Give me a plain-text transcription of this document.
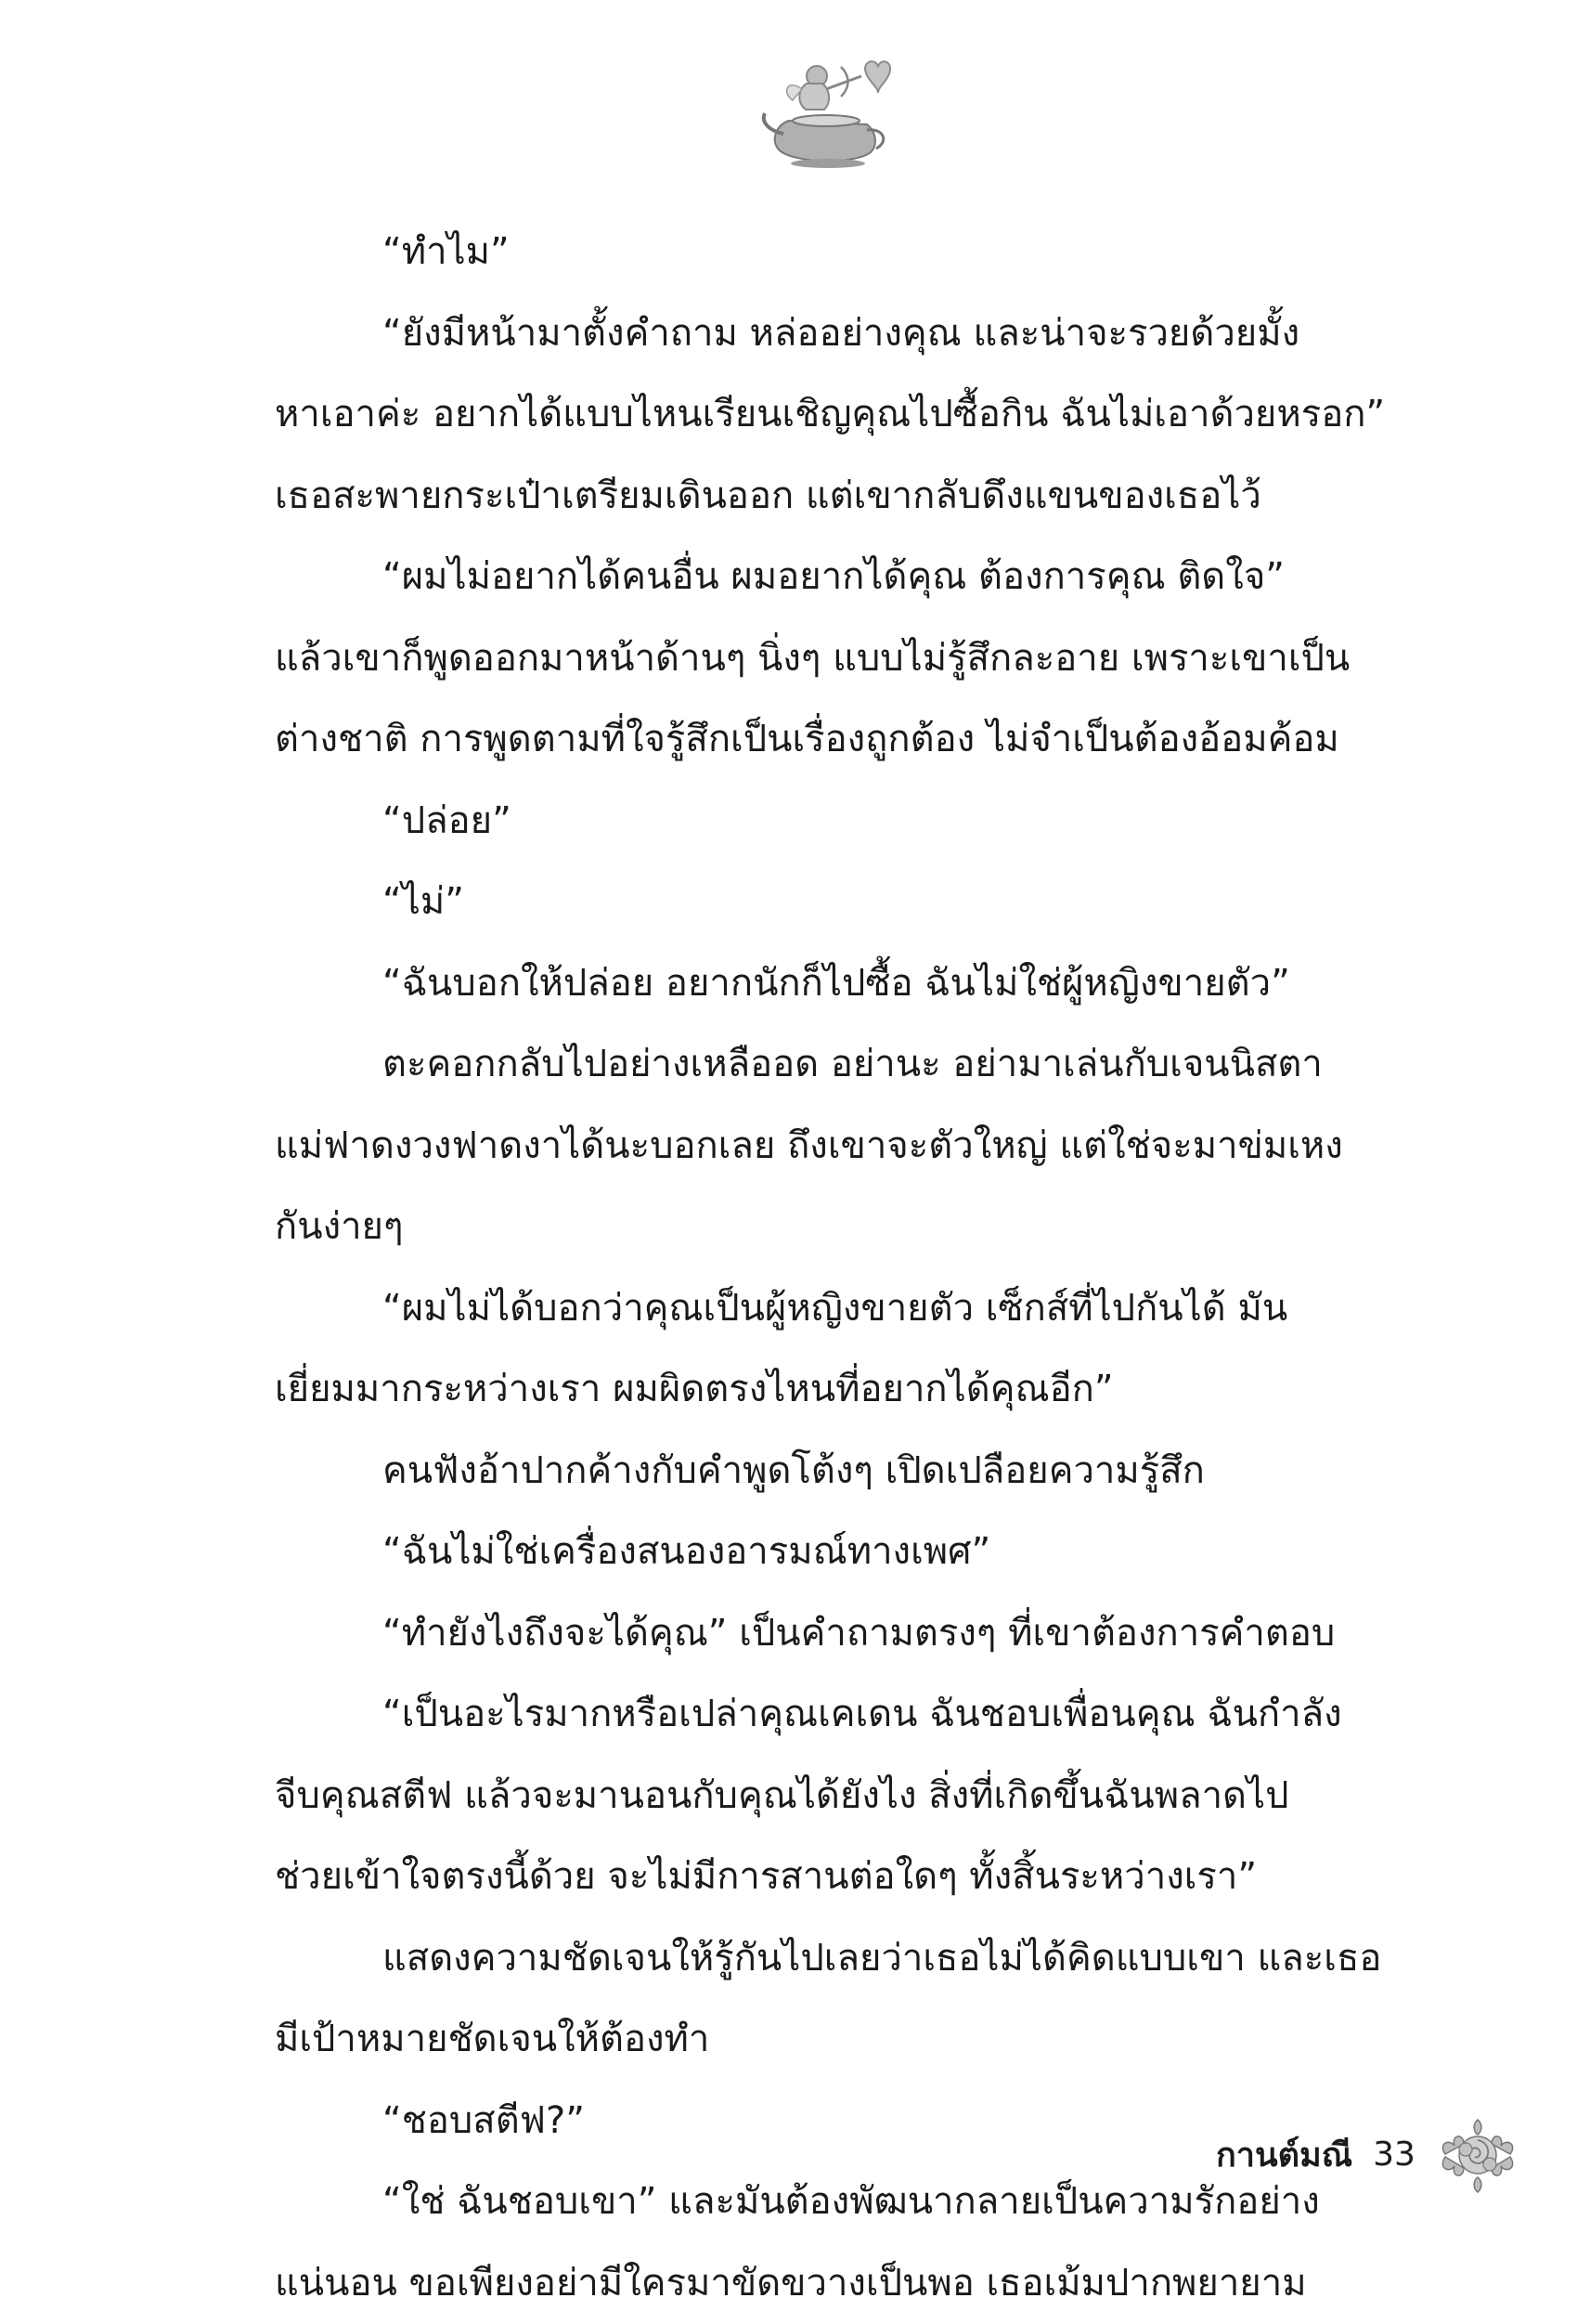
“ทำไม”

“ยังมีหน้ามาตั้งคำถาม หล่ออย่างคุณ และน่าจะรวยด้วยมั้ง

หาเอาค่ะ อยากได้แบบไหนเรียนเชิญคุณไปซื้อกิน ฉันไม่เอาด้วยหรอก”

เธอสะพายกระเป๋าเตรียมเดินออก แต่เขากลับดึงแขนของเธอไว้

“ผมไม่อยากได้คนอื่น ผมอยากได้คุณ ต้องการคุณ ติดใจ”

แล้วเขาก็พูดออกมาหน้าด้านๆ นิ่งๆ แบบไม่รู้สึกละอาย เพราะเขาเป็น

ต่างชาติ การพูดตามที่ใจรู้สึกเป็นเรื่องถูกต้อง ไม่จำเป็นต้องอ้อมค้อม

“ปล่อย”

“ไม่”

“ฉันบอกให้ปล่อย อยากนักก็ไปซื้อ ฉันไม่ใช่ผู้หญิงขายตัว”

ตะคอกกลับไปอย่างเหลืออด อย่านะ อย่ามาเล่นกับเจนนิสตา

แม่ฟาดงวงฟาดงาได้นะบอกเลย ถึงเขาจะตัวใหญ่ แต่ใช่จะมาข่มเหง

กันง่ายๆ

“ผมไม่ได้บอกว่าคุณเป็นผู้หญิงขายตัว เซ็กส์ที่ไปกันได้ มัน

เยี่ยมมากระหว่างเรา ผมผิดตรงไหนที่อยากได้คุณอีก”

คนฟังอ้าปากค้างกับคำพูดโต้งๆ เปิดเปลือยความรู้สึก

“ฉันไม่ใช่เครื่องสนองอารมณ์ทางเพศ”

“ทำยังไงถึงจะได้คุณ” เป็นคำถามตรงๆ ที่เขาต้องการคำตอบ

“เป็นอะไรมากหรือเปล่าคุณเคเดน ฉันชอบเพื่อนคุณ ฉันกำลัง

จีบคุณสตีฟ แล้วจะมานอนกับคุณได้ยังไง สิ่งที่เกิดขึ้นฉันพลาดไป

ช่วยเข้าใจตรงนี้ด้วย จะไม่มีการสานต่อใดๆ ทั้งสิ้นระหว่างเรา”

แสดงความชัดเจนให้รู้กันไปเลยว่าเธอไม่ได้คิดแบบเขา และเธอ

มีเป้าหมายชัดเจนให้ต้องทำ

“ชอบสตีฟ?”

“ใช่ ฉันชอบเขา” และมันต้องพัฒนากลายเป็นความรักอย่าง

แน่นอน ขอเพียงอย่ามีใครมาขัดขวางเป็นพอ เธอเม้มปากพยายาม

กานต์มณี 33
